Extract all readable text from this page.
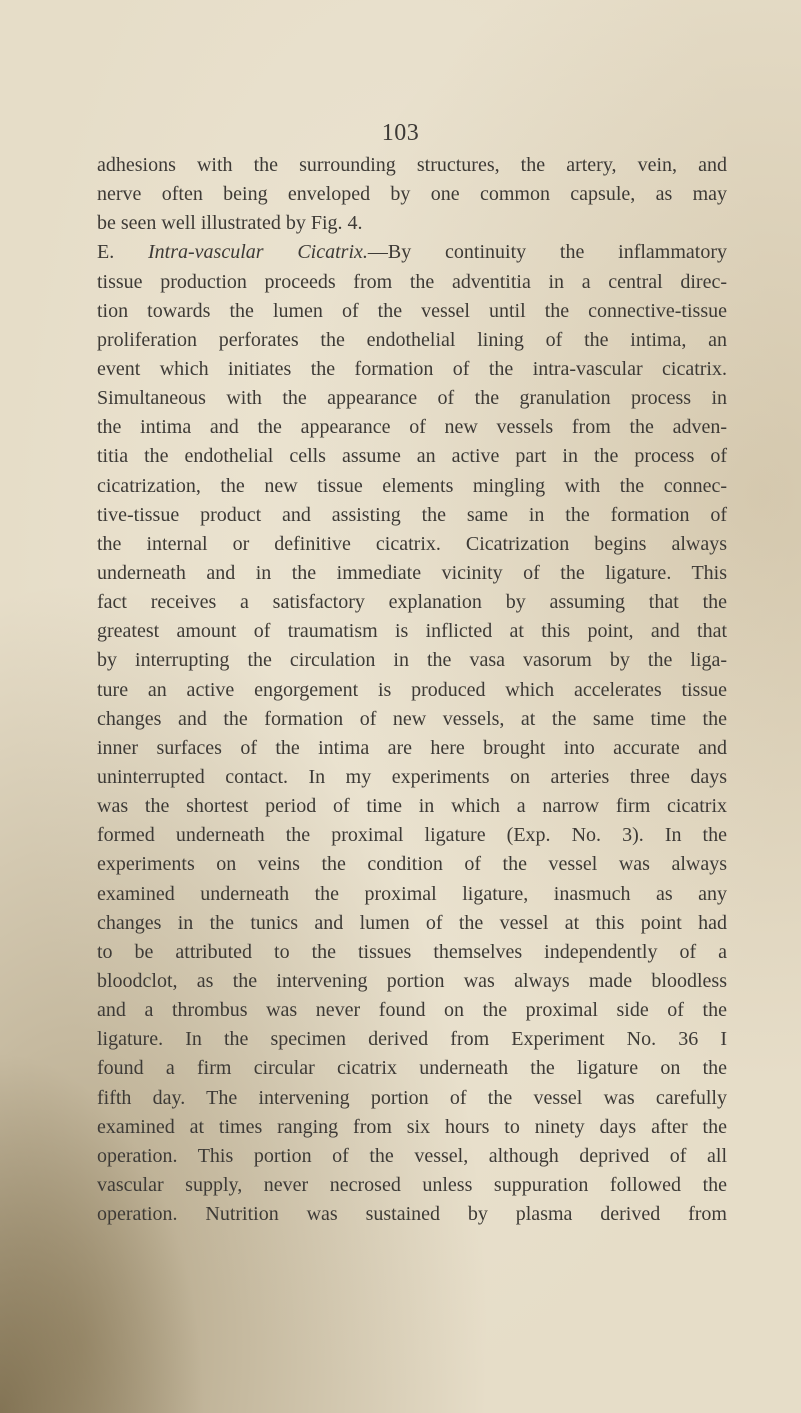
103
adhesions with the surrounding structures, the artery, vein, and
nerve often being enveloped by one common capsule, as may
be seen well illustrated by Fig. 4.
E. Intra-vascular Cicatrix.—By continuity the inflammatory
tissue production proceeds from the adventitia in a central direc-
tion towards the lumen of the vessel until the connective-tissue
proliferation perforates the endothelial lining of the intima, an
event which initiates the formation of the intra-vascular cicatrix.
Simultaneous with the appearance of the granulation process in
the intima and the appearance of new vessels from the adven-
titia the endothelial cells assume an active part in the process of
cicatrization, the new tissue elements mingling with the connec-
tive-tissue product and assisting the same in the formation of
the internal or definitive cicatrix. Cicatrization begins always
underneath and in the immediate vicinity of the ligature. This
fact receives a satisfactory explanation by assuming that the
greatest amount of traumatism is inflicted at this point, and that
by interrupting the circulation in the vasa vasorum by the liga-
ture an active engorgement is produced which accelerates tissue
changes and the formation of new vessels, at the same time the
inner surfaces of the intima are here brought into accurate and
uninterrupted contact. In my experiments on arteries three days
was the shortest period of time in which a narrow firm cicatrix
formed underneath the proximal ligature (Exp. No. 3). In the
experiments on veins the condition of the vessel was always
examined underneath the proximal ligature, inasmuch as any
changes in the tunics and lumen of the vessel at this point had
to be attributed to the tissues themselves independently of a
bloodclot, as the intervening portion was always made bloodless
and a thrombus was never found on the proximal side of the
ligature. In the specimen derived from Experiment No. 36 I
found a firm circular cicatrix underneath the ligature on the
fifth day. The intervening portion of the vessel was carefully
examined at times ranging from six hours to ninety days after the
operation. This portion of the vessel, although deprived of all
vascular supply, never necrosed unless suppuration followed the
operation. Nutrition was sustained by plasma derived from
